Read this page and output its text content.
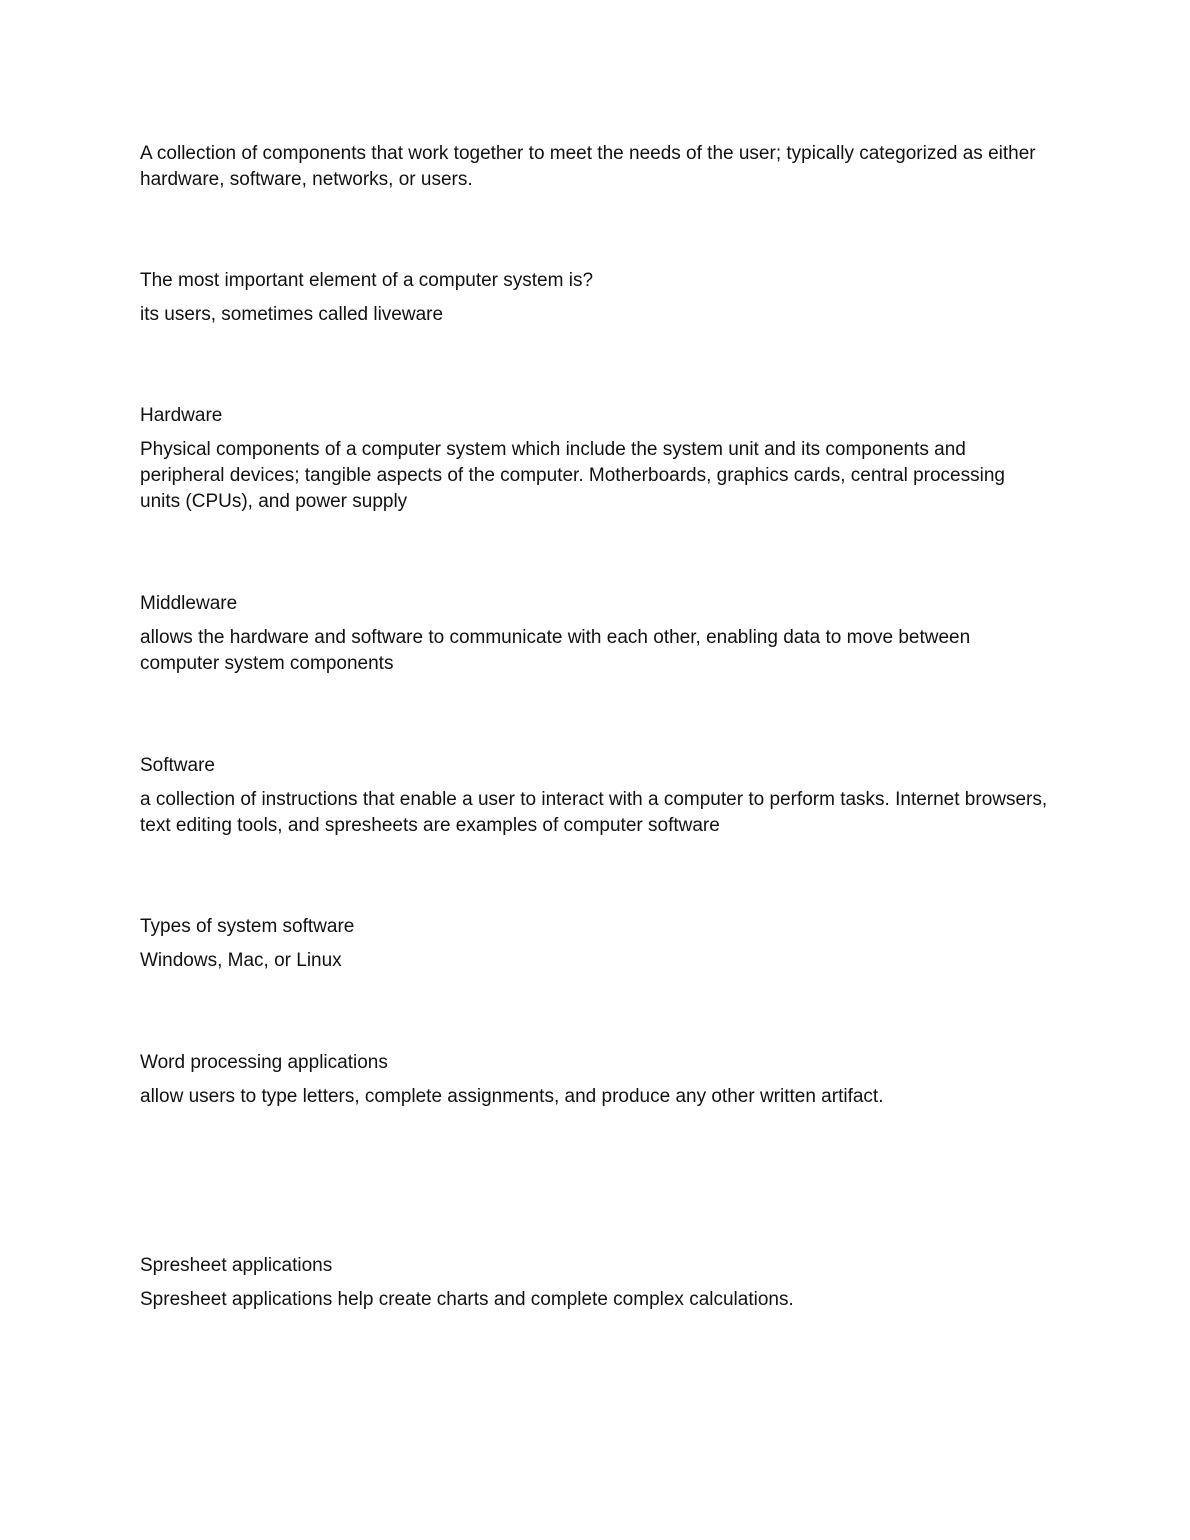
A collection of components that work together to meet the needs of the user; typically categorized as either hardware, software, networks, or users.

The most important element of a computer system is?

its users, sometimes called liveware

Hardware

Physical components of a computer system which include the system unit and its components and peripheral devices; tangible aspects of the computer. Motherboards, graphics cards, central processing units (CPUs), and power supply

Middleware

allows the hardware and software to communicate with each other, enabling data to move between computer system components

Software

a collection of instructions that enable a user to interact with a computer to perform tasks. Internet browsers, text editing tools, and spresheets are examples of computer software

Types of system software

Windows, Mac, or Linux

Word processing applications

allow users to type letters, complete assignments, and produce any other written artifact.

Spresheet applications

Spresheet applications help create charts and complete complex calculations.
